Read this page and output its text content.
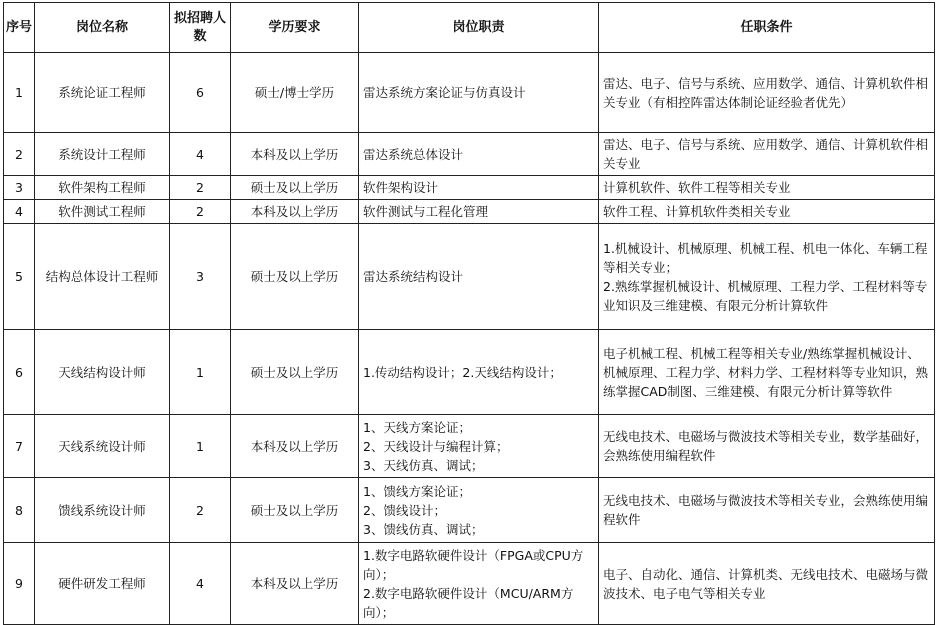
序号	岗位名称	拟招聘人数	学历要求	岗位职责	任职条件
1	系统论证工程师	6	硕士/博士学历	雷达系统方案论证与仿真设计	雷达、电子、信号与系统、应用数学、通信、计算机软件相关专业（有相控阵雷达体制论证经验者优先）

2	系统设计工程师	4	本科及以上学历	雷达系统总体设计	雷达、电子、信号与系统、应用数学、通信、计算机软件相关专业

3	软件架构工程师	2	硕士及以上学历	软件架构设计	计算机软件、软件工程等相关专业

4	软件测试工程师	2	本科及以上学历	软件测试与工程化管理	软件工程、计算机软件类相关专业

5	结构总体设计工程师	3	硕士及以上学历	雷达系统结构设计	1.机械设计、机械原理、机械工程、机电一体化、车辆工程等相关专业；
2.熟练掌握机械设计、机械原理、工程力学、工程材料等专业知识及三维建模、有限元分析计算软件

6	天线结构设计师	1	硕士及以上学历	1.传动结构设计；2.天线结构设计；	电子机械工程、机械工程等相关专业/熟练掌握机械设计、机械原理、工程力学、材料力学、工程材料等专业知识，熟练掌握CAD制图、三维建模、有限元分析计算等软件

7	天线系统设计师	1	本科及以上学历	1、天线方案论证；
2、天线设计与编程计算；
3、天线仿真、调试；	无线电技术、电磁场与微波技术等相关专业，数学基础好，会熟练使用编程软件

8	馈线系统设计师	2	硕士及以上学历	1、馈线方案论证；
2、馈线设计；
3、馈线仿真、调试；	无线电技术、电磁场与微波技术等相关专业，会熟练使用编程软件

9	硬件研发工程师	4	本科及以上学历	1.数字电路软硬件设计（FPGA或CPU方向）；
2.数字电路软硬件设计（MCU/ARM方向）；	电子、自动化、通信、计算机类、无线电技术、电磁场与微波技术、电子电气等相关专业
